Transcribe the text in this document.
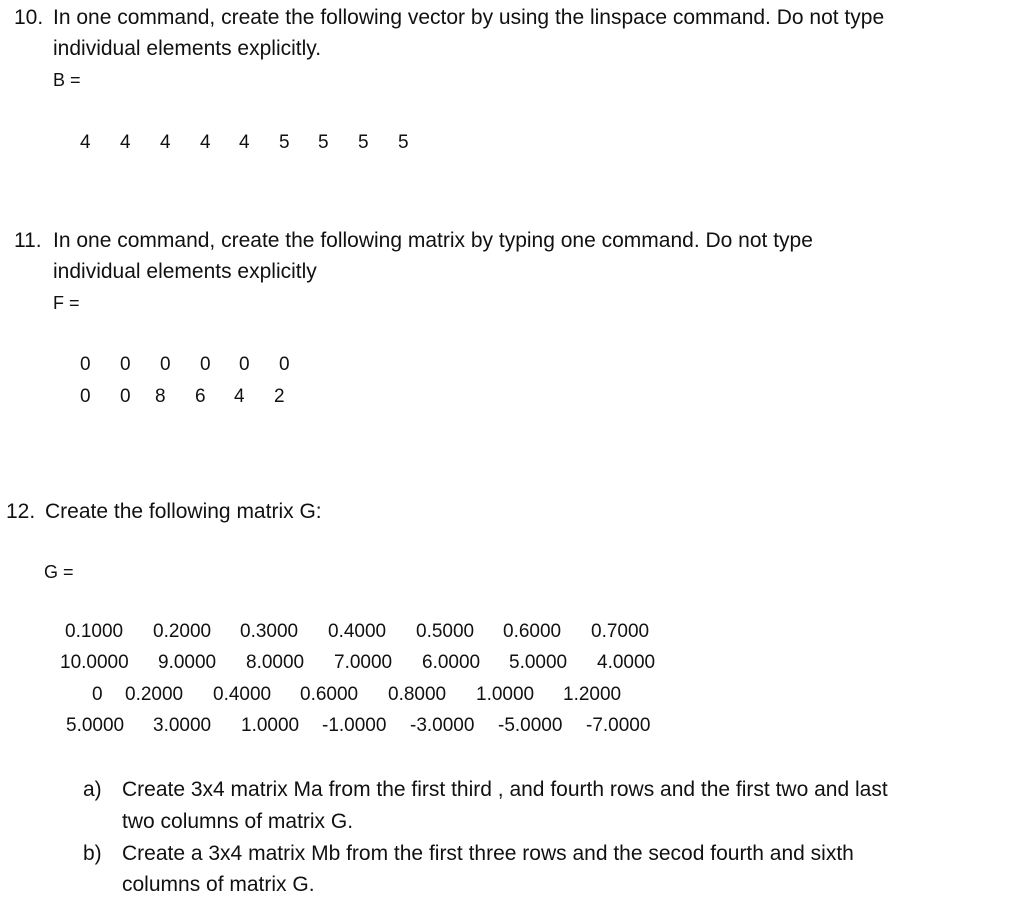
10. In one command, create the following vector by using the linspace command. Do not type
individual elements explicitly.
B =
4 4 4 4 4 5 5 5 5
11. In one command, create the following matrix by typing one command. Do not type
individual elements explicitly
F =
0 0 0 0 0 0
0 0 8 6 4 2
12. Create the following matrix G:
G =
0.1000 0.2000 0.3000 0.4000 0.5000 0.6000 0.7000
10.0000 9.0000 8.0000 7.0000 6.0000 5.0000 4.0000
0 0.2000 0.4000 0.6000 0.8000 1.0000 1.2000
5.0000 3.0000 1.0000 -1.0000 -3.0000 -5.0000 -7.0000
a) Create 3x4 matrix Ma from the first third , and fourth rows and the first two and last
two columns of matrix G.
b) Create a 3x4 matrix Mb from the first three rows and the secod fourth and sixth
columns of matrix G.
